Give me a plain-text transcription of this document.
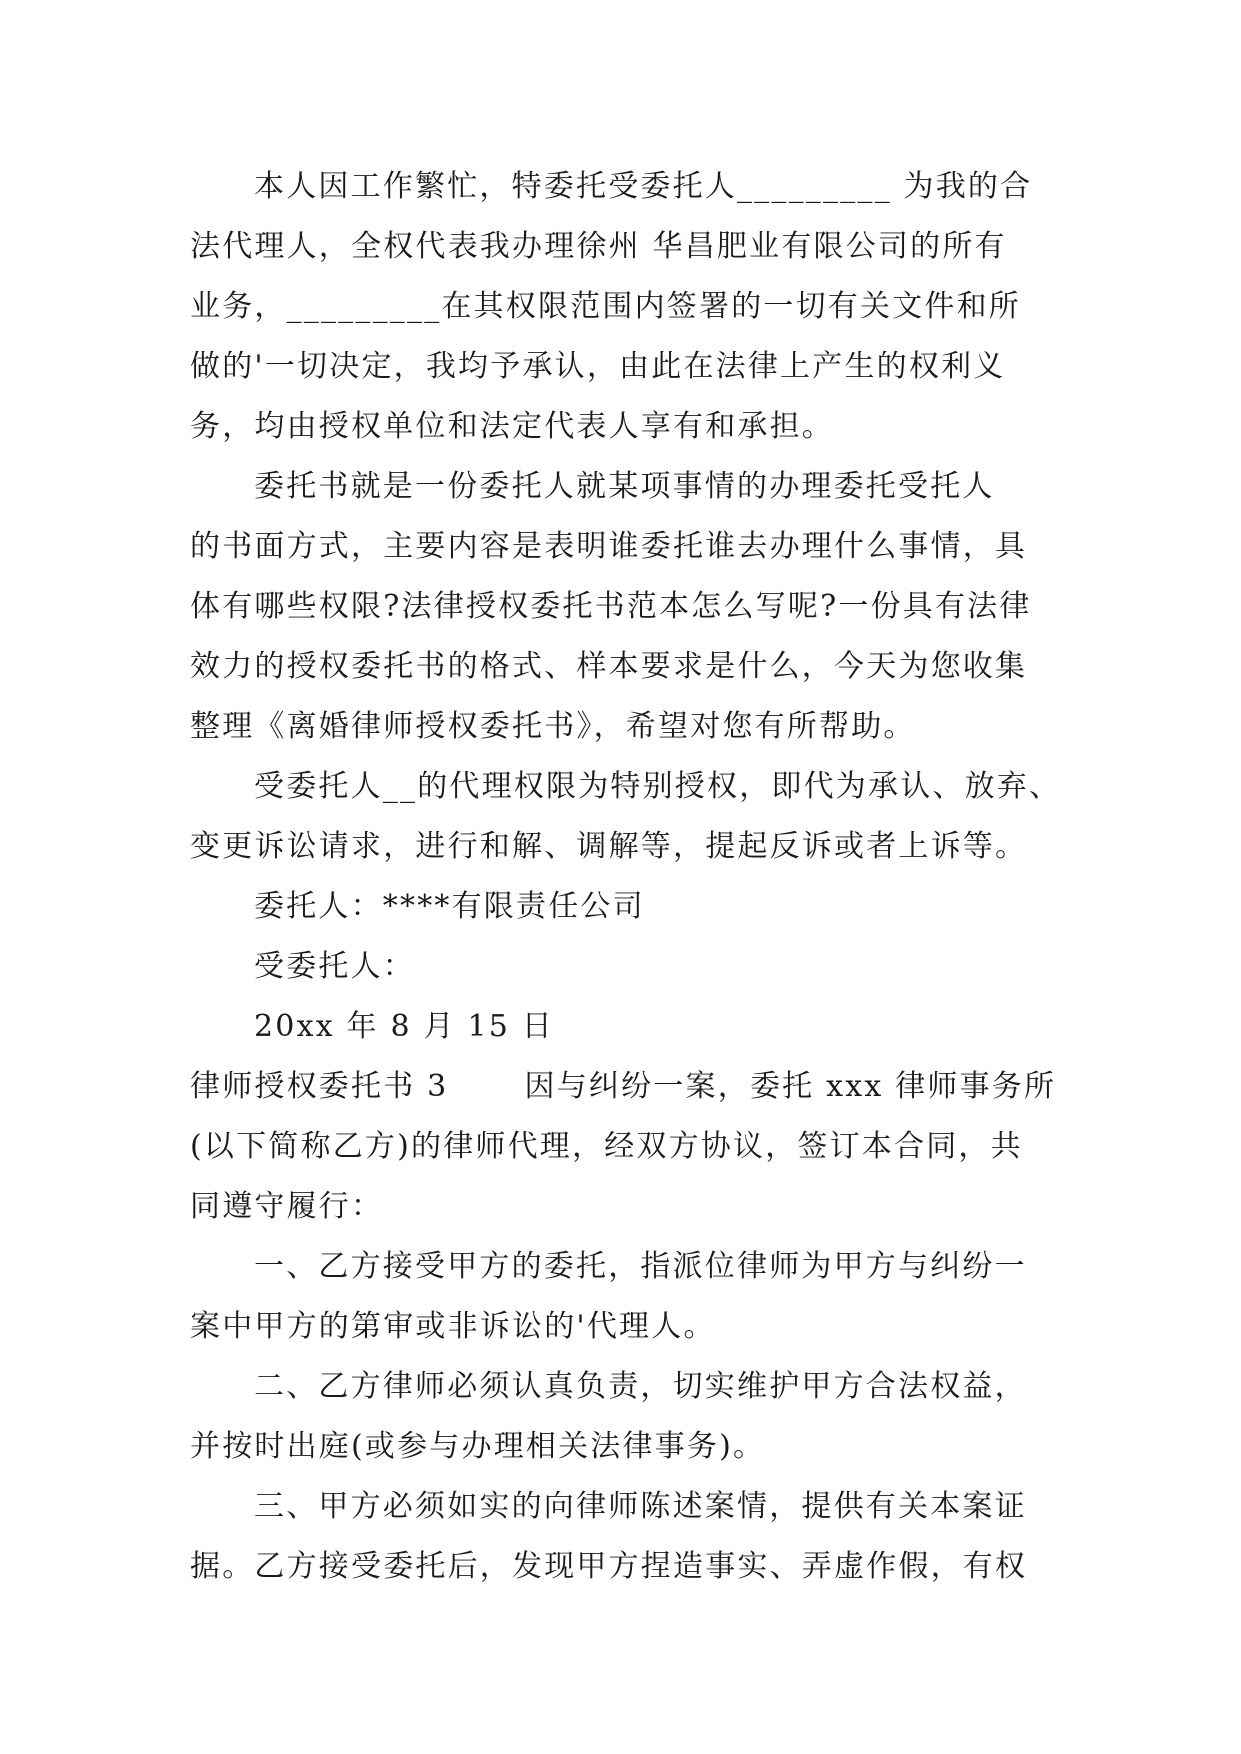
本人因工作繁忙，特委托受委托人_________ 为我的合
法代理人，全权代表我办理徐州 华昌肥业有限公司的所有
业务，_________在其权限范围内签署的一切有关文件和所
做的'一切决定，我均予承认，由此在法律上产生的权利义
务，均由授权单位和法定代表人享有和承担。
委托书就是一份委托人就某项事情的办理委托受托人
的书面方式，主要内容是表明谁委托谁去办理什么事情，具
体有哪些权限?法律授权委托书范本怎么写呢?一份具有法律
效力的授权委托书的格式、样本要求是什么，今天为您收集
整理《离婚律师授权委托书》，希望对您有所帮助。
受委托人__的代理权限为特别授权，即代为承认、放弃、
变更诉讼请求，进行和解、调解等，提起反诉或者上诉等。
委托人：****有限责任公司
受委托人：
20xx 年 8 月 15 日
律师授权委托书 3　　 因与纠纷一案，委托 xxx 律师事务所
(以下简称乙方)的律师代理，经双方协议，签订本合同，共
同遵守履行：
一、乙方接受甲方的委托，指派位律师为甲方与纠纷一
案中甲方的第审或非诉讼的'代理人。
二、乙方律师必须认真负责，切实维护甲方合法权益，
并按时出庭(或参与办理相关法律事务)。
三、甲方必须如实的向律师陈述案情，提供有关本案证
据。乙方接受委托后，发现甲方捏造事实、弄虚作假，有权
